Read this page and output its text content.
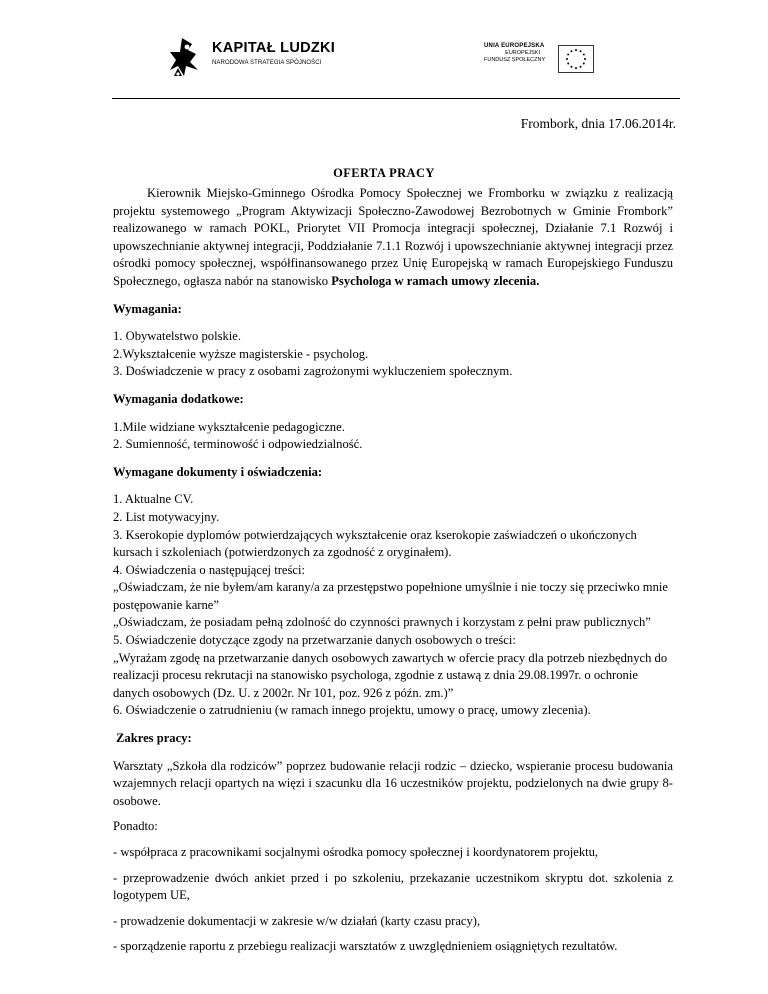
KAPITAŁ LUDZKI
NARODOWA STRATEGIA SPÓJNOŚCI
UNIA EUROPEJSKA
EUROPEJSKI
FUNDUSZ SPOŁECZNY
Frombork, dnia 17.06.2014r.
OFERTA PRACY

Kierownik Miejsko-Gminnego Ośrodka Pomocy Społecznej we Fromborku w związku z realizacją projektu systemowego „Program Aktywizacji Społeczno-Zawodowej Bezrobotnych w Gminie Frombork” realizowanego w ramach POKL, Priorytet VII Promocja integracji społecznej, Działanie 7.1 Rozwój i upowszechnianie aktywnej integracji, Poddziałanie 7.1.1 Rozwój i upowszechnianie aktywnej integracji przez ośrodki pomocy społecznej, współfinansowanego przez Unię Europejską w ramach Europejskiego Funduszu Społecznego, ogłasza nabór na stanowisko Psychologa w ramach umowy zlecenia.

Wymagania:

1. Obywatelstwo polskie.
2.Wykształcenie wyższe magisterskie - psycholog.
3. Doświadczenie w pracy z osobami zagrożonymi wykluczeniem społecznym.

Wymagania dodatkowe:

1.Mile widziane wykształcenie pedagogiczne.
2. Sumienność, terminowość i odpowiedzialność.

Wymagane dokumenty i oświadczenia:

1. Aktualne CV.
2. List motywacyjny.
3. Kserokopie dyplomów potwierdzających wykształcenie oraz kserokopie zaświadczeń o ukończonych kursach i szkoleniach (potwierdzonych za zgodność z oryginałem).
4. Oświadczenia o następującej treści:
„Oświadczam, że nie byłem/am karany/a za przestępstwo popełnione umyślnie i nie toczy się przeciwko mnie postępowanie karne”
„Oświadczam, że posiadam pełną zdolność do czynności prawnych i korzystam z pełni praw publicznych”
5. Oświadczenie dotyczące zgody na przetwarzanie danych osobowych o treści:
„Wyrażam zgodę na przetwarzanie danych osobowych zawartych w ofercie pracy dla potrzeb niezbędnych do realizacji procesu rekrutacji na stanowisko psychologa, zgodnie z ustawą z dnia 29.08.1997r. o ochronie danych osobowych (Dz. U. z 2002r. Nr 101, poz. 926 z późn. zm.)”
6. Oświadczenie o zatrudnieniu (w ramach innego projektu, umowy o pracę, umowy zlecenia).

Zakres pracy:

Warsztaty „Szkoła dla rodziców” poprzez budowanie relacji rodzic – dziecko, wspieranie procesu budowania wzajemnych relacji opartych na więzi i szacunku dla 16 uczestników projektu, podzielonych na dwie grupy 8-osobowe.

Ponadto:

- współpraca z pracownikami socjalnymi ośrodka pomocy społecznej i koordynatorem projektu,

- przeprowadzenie dwóch ankiet przed i po szkoleniu, przekazanie uczestnikom skryptu dot. szkolenia z logotypem UE,

- prowadzenie dokumentacji w zakresie w/w działań (karty czasu pracy),

- sporządzenie raportu z przebiegu realizacji warsztatów z uwzględnieniem osiągniętych rezultatów.
